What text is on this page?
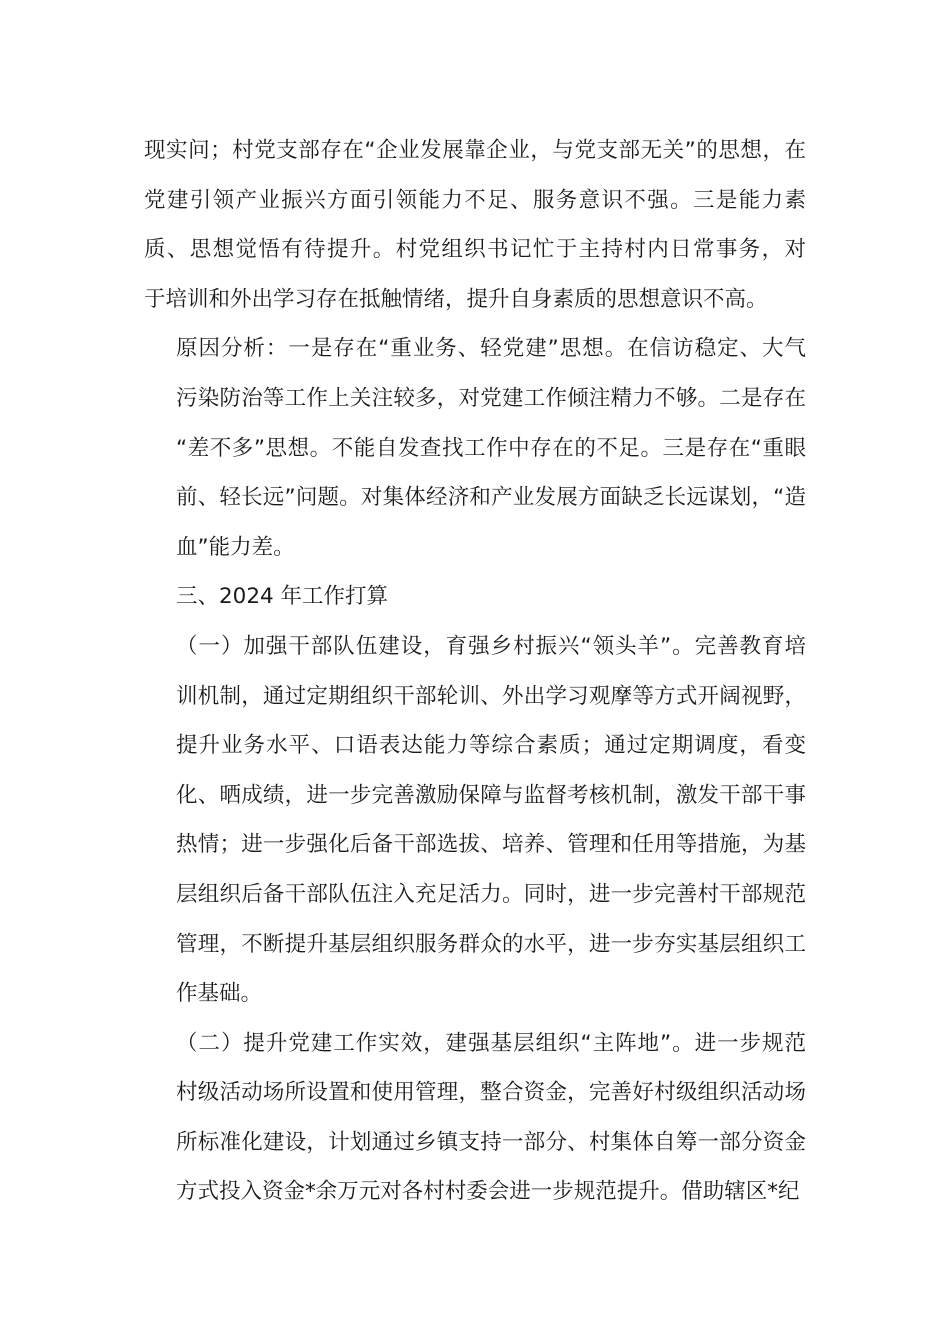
现实问；村党支部存在“企业发展靠企业，与党支部无关”的思想，在
党建引领产业振兴方面引领能力不足、服务意识不强。三是能力素
质、思想觉悟有待提升。村党组织书记忙于主持村内日常事务，对
于培训和外出学习存在抵触情绪，提升自身素质的思想意识不高。

原因分析：一是存在“重业务、轻党建”思想。在信访稳定、大气
污染防治等工作上关注较多，对党建工作倾注精力不够。二是存在
“差不多”思想。不能自发查找工作中存在的不足。三是存在“重眼
前、轻长远”问题。对集体经济和产业发展方面缺乏长远谋划，“造
血”能力差。

三、2024 年工作打算

（一）加强干部队伍建设，育强乡村振兴“领头羊”。完善教育培
训机制，通过定期组织干部轮训、外出学习观摩等方式开阔视野，
提升业务水平、口语表达能力等综合素质；通过定期调度，看变
化、晒成绩，进一步完善激励保障与监督考核机制，激发干部干事
热情；进一步强化后备干部选拔、培养、管理和任用等措施，为基
层组织后备干部队伍注入充足活力。同时，进一步完善村干部规范
管理，不断提升基层组织服务群众的水平，进一步夯实基层组织工
作基础。

（二）提升党建工作实效，建强基层组织“主阵地”。进一步规范
村级活动场所设置和使用管理，整合资金，完善好村级组织活动场
所标准化建设，计划通过乡镇支持一部分、村集体自筹一部分资金
方式投入资金*余万元对各村村委会进一步规范提升。借助辖区*纪
